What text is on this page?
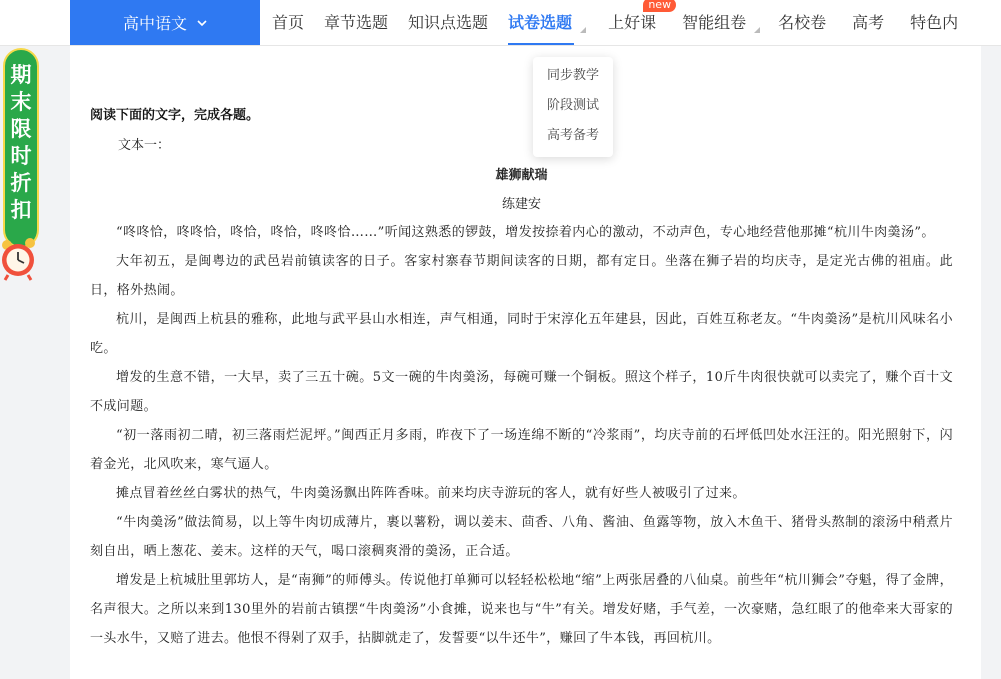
高中语文	首页	章节选题	知识点选题	试卷选题	上好课
new
智能组卷	名校卷	高考	特色内
期
末
限
时
折
扣
阅读下面的文字，完成各题。
文本一：
雄狮献瑞
练建安

“咚咚恰，咚咚恰，咚恰，咚恰，咚咚恰……”听闻这熟悉的锣鼓，增发按捺着内心的激动，不动声色，专心地经营他那摊“杭川牛肉羮汤”。

大年初五，是闽粤边的武邑岩前镇读客的日子。客家村寨春节期间读客的日期，都有定日。坐落在狮子岩的均庆寺，是定光古佛的祖庙。此日，格外热闹。

杭川，是闽西上杭县的雅称，此地与武平县山水相连，声气相通，同时于宋淳化五年建县，因此，百姓互称老友。“牛肉羮汤”是杭川风味名小吃。

增发的生意不错，一大早，卖了三五十碗。5文一碗的牛肉羮汤，每碗可赚一个铜板。照这个样子，10斤牛肉很快就可以卖完了，赚个百十文不成问题。

“初一落雨初二晴，初三落雨烂泥坪。”闽西正月多雨，昨夜下了一场连绵不断的“冷浆雨”，均庆寺前的石坪低凹处水汪汪的。阳光照射下，闪着金光，北风吹来，寒气逼人。

摊点冒着丝丝白雾状的热气，牛肉羮汤飘出阵阵香味。前来均庆寺游玩的客人，就有好些人被吸引了过来。

“牛肉羮汤”做法简易，以上等牛肉切成薄片，裹以薯粉，调以姜末、茴香、八角、酱油、鱼露等物，放入木鱼干、猪骨头熬制的滚汤中稍煮片刻自出，晒上葱花、姜末。这样的天气，喝口滚稠爽滑的羮汤，正合适。

增发是上杭城肚里郭坊人，是“南狮”的师傅头。传说他打单狮可以轻轻松松地“缩”上两张居叠的八仙桌。前些年“杭川狮会”夺魁，得了金牌，名声很大。之所以来到130里外的岩前古镇摆“牛肉羮汤”小食摊，说来也与“牛”有关。增发好赌，手气差，一次豪赌，急红眼了的他牵来大哥家的一头水牛，又赔了进去。他恨不得剁了双手，拈脚就走了，发誓要“以牛还牛”，赚回了牛本钱，再回杭川。

同步教学
阶段测试
高考备考
